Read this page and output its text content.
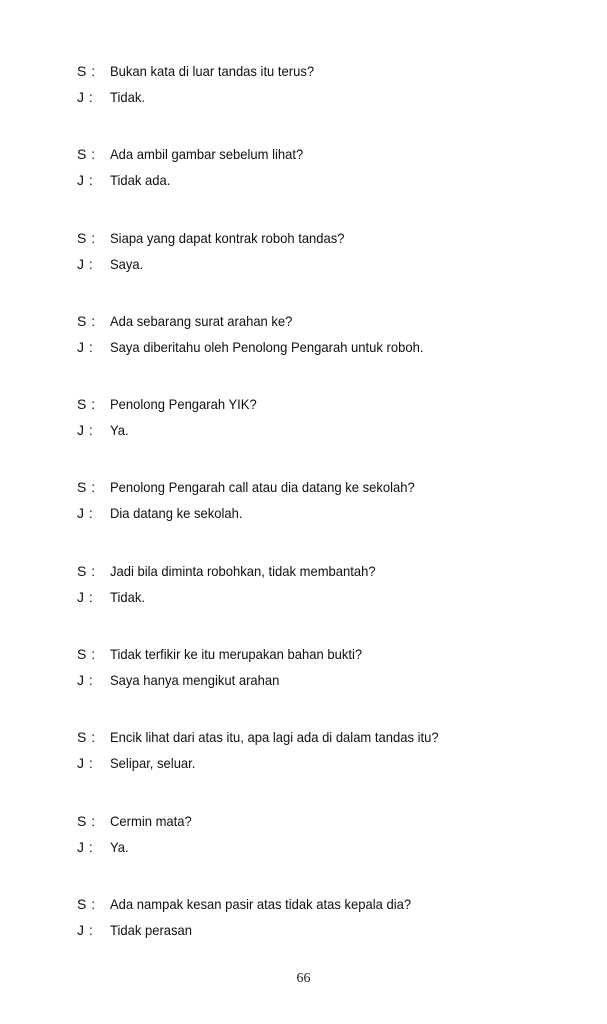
S :	Bukan kata di luar tandas itu terus?
J :	Tidak.
S :	Ada ambil gambar sebelum lihat?
J :	Tidak ada.
S :	Siapa yang dapat kontrak roboh tandas?
J :	Saya.
S :	Ada sebarang surat arahan ke?
J :	Saya diberitahu oleh Penolong Pengarah untuk roboh.
S :	Penolong Pengarah YIK?
J :	Ya.
S :	Penolong Pengarah call atau dia datang ke sekolah?
J :	Dia datang ke sekolah.
S :	Jadi bila diminta robohkan, tidak membantah?
J :	Tidak.
S :	Tidak terfikir ke itu merupakan bahan bukti?
J :	Saya hanya mengikut arahan
S :	Encik lihat dari atas itu, apa lagi ada di dalam tandas itu?
J :	Selipar, seluar.
S :	Cermin mata?
J :	Ya.
S :	Ada nampak kesan pasir atas tidak atas kepala dia?
J :	Tidak perasan
66
